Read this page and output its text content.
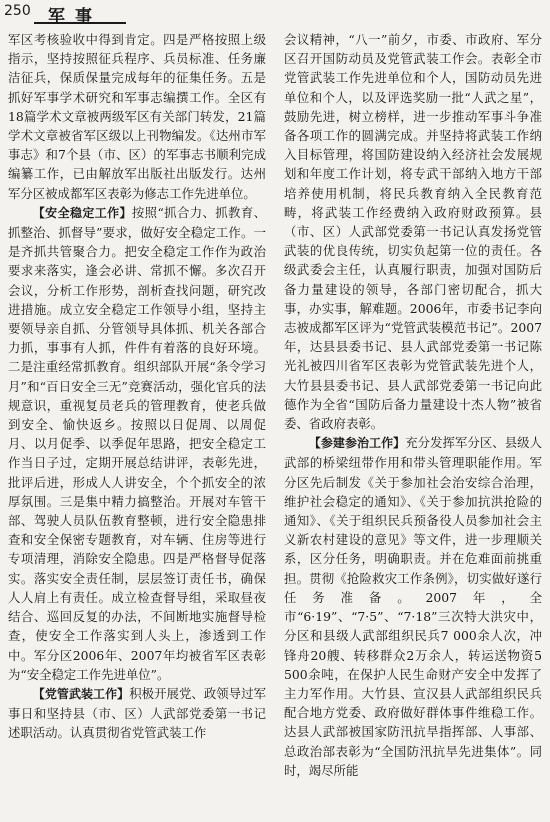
250 军事

军区考核验收中得到肯定。四是严格按照上级指示，坚持按照征兵程序、兵员标准、任务廉洁征兵，保质保量完成每年的征集任务。五是抓好军事学术研究和军事志编撰工作。全区有18篇学术文章被两级军区有关部门转发，21篇学术文章被省军区级以上刊物编发。《达州市军事志》和7个县（市、区）的军事志书顺利完成编纂工作，已由解放军出版社出版发行。达州军分区被成都军区表彰为修志工作先进单位。

【安全稳定工作】按照“抓合力、抓教育、抓整治、抓督导”要求，做好安全稳定工作。一是齐抓共管聚合力。把安全稳定工作作为政治要求来落实，逢会必讲、常抓不懈。多次召开会议，分析工作形势，剖析查找问题，研究改进措施。成立安全稳定工作领导小组，坚持主要领导亲自抓、分管领导具体抓、机关各部合力抓，事事有人抓，件件有着落的良好环境。二是注重经常抓教育。组织部队开展“条令学习月”和“百日安全三无”竞赛活动，强化官兵的法规意识，重视复员老兵的管理教育，使老兵做到安全、愉快返乡。按照以日促周、以周促月、以月促季、以季促年思路，把安全稳定工作当日子过，定期开展总结讲评，表彰先进，批评后进，形成人人讲安全，个个抓安全的浓厚氛围。三是集中精力搞整治。开展对车管干部、驾驶人员队伍教育整顿，进行安全隐患排查和安全保密专题教育，对车辆、住房等进行专项清理，消除安全隐患。四是严格督导促落实。落实安全责任制，层层签订责任书，确保人人肩上有责任。成立检查督导组，采取昼夜结合、巡回反复的办法，不间断地实施督导检查，使安全工作落实到人头上，渗透到工作中。军分区2006年、2007年均被省军区表彰为“安全稳定工作先进单位”。

【党管武装工作】积极开展党、政领导过军事日和坚持县（市、区）人武部党委第一书记述职活动。认真贯彻省党管武装工作

会议精神，“八一”前夕，市委、市政府、军分区召开国防动员及党管武装工作会。表彰全市党管武装工作先进单位和个人，国防动员先进单位和个人，以及评选奖励一批“人武之星”，鼓励先进，树立榜样，进一步推动军事斗争准备各项工作的圆满完成。并坚持将武装工作纳入目标管理，将国防建设纳入经济社会发展规划和年度工作计划，将专武干部纳入地方干部培养使用机制，将民兵教育纳入全民教育范畴，将武装工作经费纳入政府财政预算。县（市、区）人武部党委第一书记认真发扬党管武装的优良传统，切实负起第一位的责任。各级武委会主任，认真履行职责，加强对国防后备力量建设的领导，各部门密切配合，抓大事，办实事，解难题。2006年，市委书记李向志被成都军区评为“党管武装模范书记”。2007年，达县县委书记、县人武部党委第一书记陈光礼被四川省军区表彰为党管武装先进个人，大竹县县委书记、县人武部党委第一书记向此德作为全省“国防后备力量建设十杰人物”被省委、省政府表彰。

【参建参治工作】充分发挥军分区、县级人武部的桥梁纽带作用和带头管理职能作用。军分区先后制发《关于参加社会治安综合治理，维护社会稳定的通知》、《关于参加抗洪抢险的通知》、《关于组织民兵预备役人员参加社会主义新农村建设的意见》等文件，进一步理顺关系，区分任务，明确职责。并在危难面前挑重担。贯彻《抢险救灾工作条例》，切实做好遂行任务准备。2007年，全市“6·19”、“7·5”、“7·18”三次特大洪灾中，分区和县级人武部组织民兵7 000余人次，冲锋舟20艘、转移群众2万余人，转运送物资5 500余吨，在保护人民生命财产安全中发挥了主力军作用。大竹县、宣汉县人武部组织民兵配合地方党委、政府做好群体事件维稳工作。达县人武部被国家防汛抗旱指挥部、人事部、总政治部表彰为“全国防汛抗旱先进集体”。同时，竭尽所能
